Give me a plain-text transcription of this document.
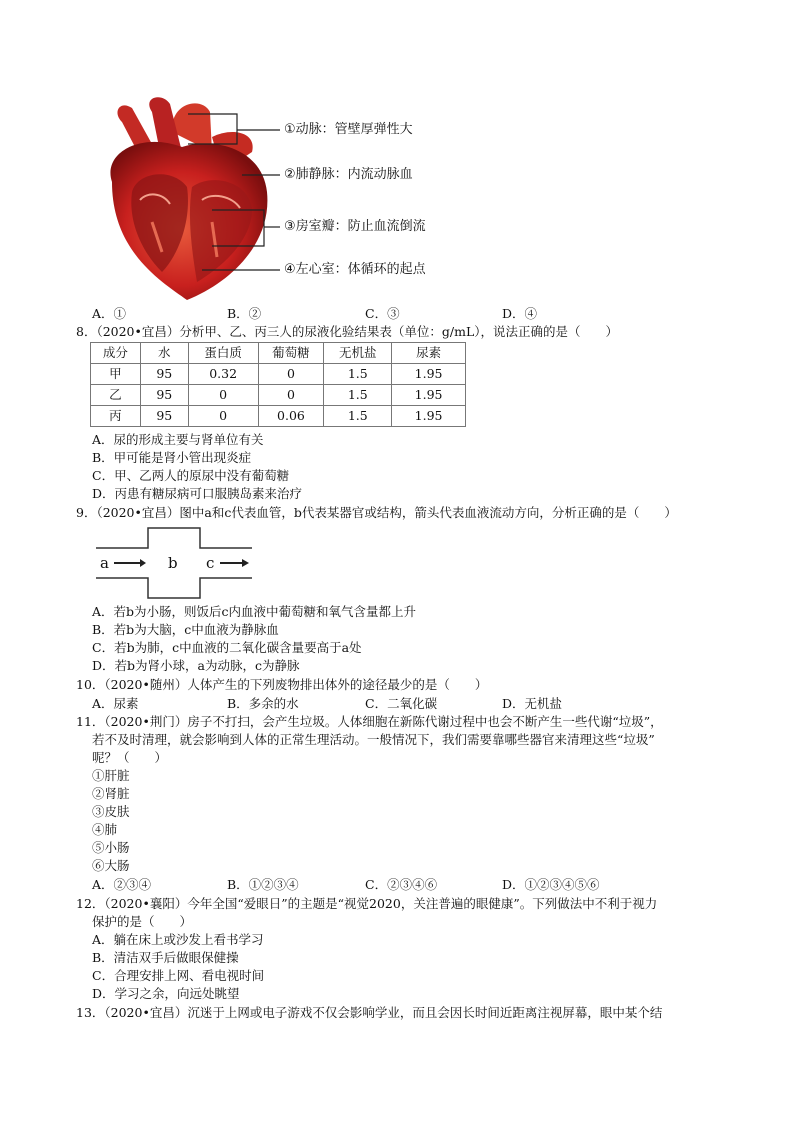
①动脉：管壁厚弹性大
②肺静脉：内流动脉血
③房室瓣：防止血流倒流
④左心室：体循环的起点
A．①	B．②	C．③	D．④
8．（2020•宜昌）分析甲、乙、丙三人的尿液化验结果表（单位：g/mL），说法正确的是（　　）
成分	水	蛋白质	葡萄糖	无机盐	尿素
甲	95	0.32	0	1.5	1.95
乙	95	0	0	1.5	1.95
丙	95	0	0.06	1.5	1.95
A．尿的形成主要与肾单位有关
B．甲可能是肾小管出现炎症
C．甲、乙两人的原尿中没有葡萄糖
D．丙患有糖尿病可口服胰岛素来治疗
9．（2020•宜昌）图中a和c代表血管，b代表某器官或结构，箭头代表血液流动方向，分析正确的是（　　）
a	b c
A．若b为小肠，则饭后c内血液中葡萄糖和氧气含量都上升
B．若b为大脑，c中血液为静脉血
C．若b为肺，c中血液的二氧化碳含量要高于a处
D．若b为肾小球，a为动脉，c为静脉
10．（2020•随州）人体产生的下列废物排出体外的途径最少的是（　　）
A．尿素	B．多余的水	C．二氧化碳	D．无机盐
11．（2020•荆门）房子不打扫，会产生垃圾。人体细胞在新陈代谢过程中也会不断产生一些代谢“垃圾”，
若不及时清理，就会影响到人体的正常生理活动。一般情况下，我们需要靠哪些器官来清理这些“垃圾”
呢？（　　）
①肝脏
②肾脏
③皮肤
④肺
⑤小肠
⑥大肠
A．②③④	B．①②③④	C．②③④⑥	D．①②③④⑤⑥
12．（2020•襄阳）今年全国“爱眼日”的主题是“视觉2020，关注普遍的眼健康”。下列做法中不利于视力
保护的是（　　）
A．躺在床上或沙发上看书学习
B．清洁双手后做眼保健操
C．合理安排上网、看电视时间
D．学习之余，向远处眺望
13．（2020•宜昌）沉迷于上网或电子游戏不仅会影响学业，而且会因长时间近距离注视屏幕，眼中某个结
